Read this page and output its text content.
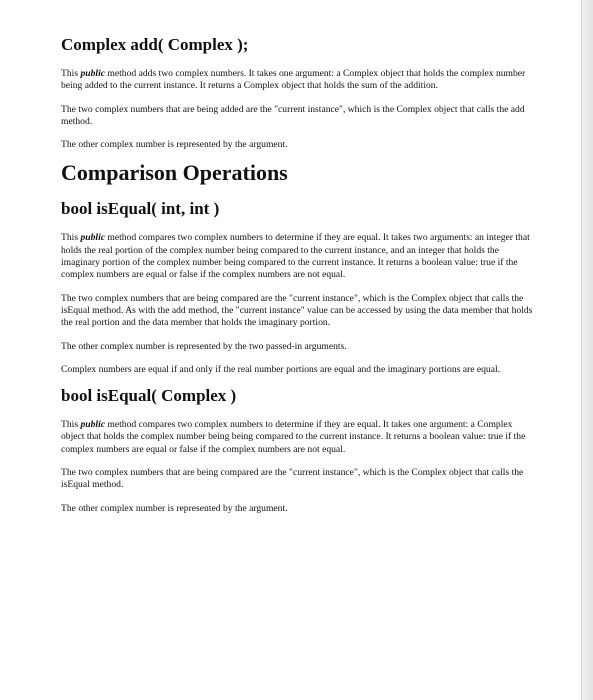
Complex add( Complex );

This public method adds two complex numbers. It takes one argument: a Complex object that holds the complex number being added to the current instance. It returns a Complex object that holds the sum of the addition.

The two complex numbers that are being added are the "current instance", which is the Complex object that calls the add method.

The other complex number is represented by the argument.

Comparison Operations
bool isEqual( int, int )

This public method compares two complex numbers to determine if they are equal. It takes two arguments: an integer that holds the real portion of the complex number being compared to the current instance, and an integer that holds the imaginary portion of the complex number being compared to the current instance. It returns a boolean value: true if the complex numbers are equal or false if the complex numbers are not equal.

The two complex numbers that are being compared are the "current instance", which is the Complex object that calls the isEqual method. As with the add method, the "current instance" value can be accessed by using the data member that holds the real portion and the data member that holds the imaginary portion.

The other complex number is represented by the two passed-in arguments.

Complex numbers are equal if and only if the real number portions are equal and the imaginary portions are equal.

bool isEqual( Complex )

This public method compares two complex numbers to determine if they are equal. It takes one argument: a Complex object that holds the complex number being being compared to the current instance. It returns a boolean value: true if the complex numbers are equal or false if the complex numbers are not equal.

The two complex numbers that are being compared are the "current instance", which is the Complex object that calls the isEqual method.

The other complex number is represented by the argument.
